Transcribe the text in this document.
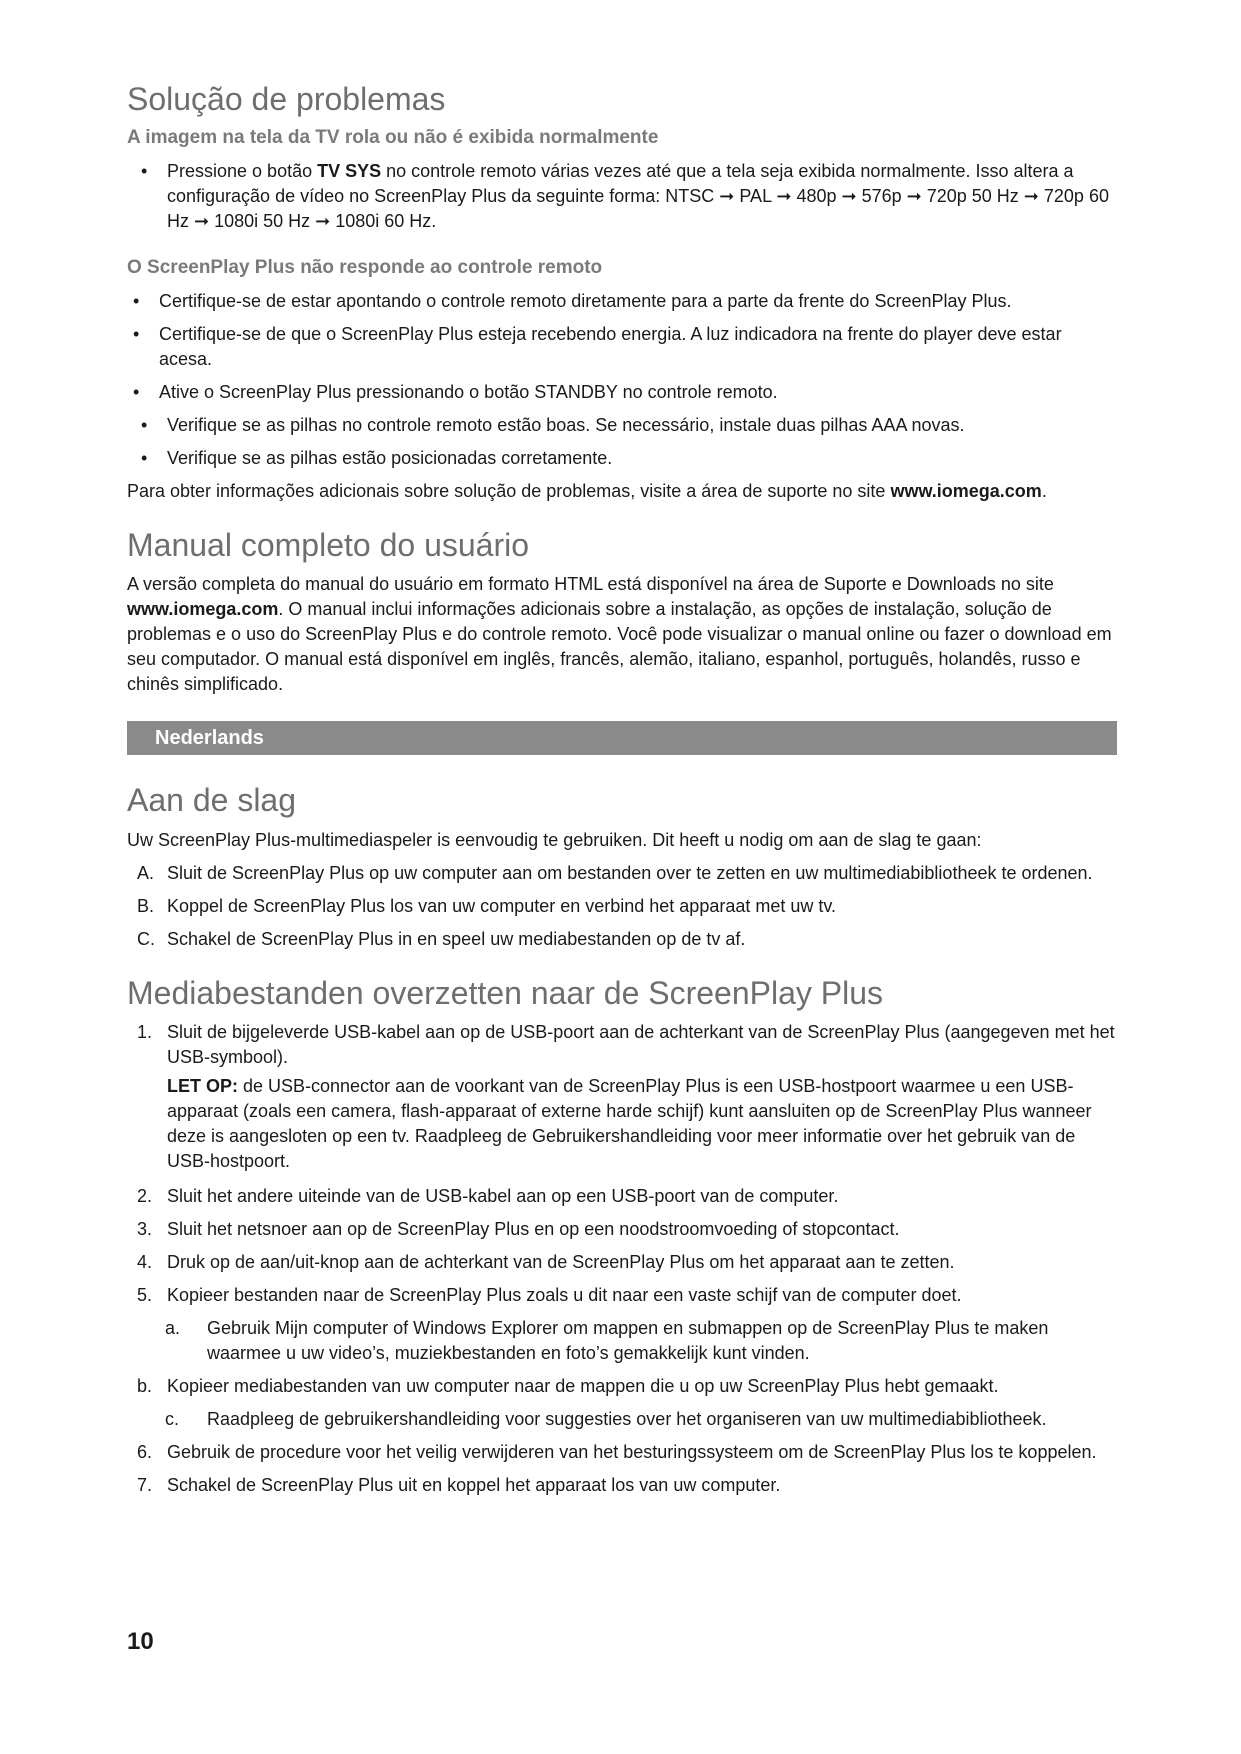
Solução de problemas
A imagem na tela da TV rola ou não é exibida normalmente
• Pressione o botão TV SYS no controle remoto várias vezes até que a tela seja exibida normalmente. Isso altera a configuração de vídeo no ScreenPlay Plus da seguinte forma: NTSC ➞ PAL ➞ 480p ➞ 576p ➞ 720p 50 Hz ➞ 720p 60 Hz ➞ 1080i 50 Hz ➞ 1080i 60 Hz.
O ScreenPlay Plus não responde ao controle remoto
• Certifique-se de estar apontando o controle remoto diretamente para a parte da frente do ScreenPlay Plus.
• Certifique-se de que o ScreenPlay Plus esteja recebendo energia. A luz indicadora na frente do player deve estar acesa.
• Ative o ScreenPlay Plus pressionando o botão STANDBY no controle remoto.
• Verifique se as pilhas no controle remoto estão boas. Se necessário, instale duas pilhas AAA novas.
• Verifique se as pilhas estão posicionadas corretamente.

Para obter informações adicionais sobre solução de problemas, visite a área de suporte no site www.iomega.com.

Manual completo do usuário

A versão completa do manual do usuário em formato HTML está disponível na área de Suporte e Downloads no site www.iomega.com. O manual inclui informações adicionais sobre a instalação, as opções de instalação, solução de problemas e o uso do ScreenPlay Plus e do controle remoto. Você pode visualizar o manual online ou fazer o download em seu computador. O manual está disponível em inglês, francês, alemão, italiano, espanhol, português, holandês, russo e chinês simplificado.

Nederlands
Aan de slag

Uw ScreenPlay Plus-multimediaspeler is eenvoudig te gebruiken. Dit heeft u nodig om aan de slag te gaan:

A. Sluit de ScreenPlay Plus op uw computer aan om bestanden over te zetten en uw multimediabibliotheek te ordenen.
B. Koppel de ScreenPlay Plus los van uw computer en verbind het apparaat met uw tv.
C. Schakel de ScreenPlay Plus in en speel uw mediabestanden op de tv af.
Mediabestanden overzetten naar de ScreenPlay Plus
1. Sluit de bijgeleverde USB-kabel aan op de USB-poort aan de achterkant van de ScreenPlay Plus (aangegeven met het USB-symbool).

LET OP: de USB-connector aan de voorkant van de ScreenPlay Plus is een USB-hostpoort waarmee u een USB-apparaat (zoals een camera, flash-apparaat of externe harde schijf) kunt aansluiten op de ScreenPlay Plus wanneer deze is aangesloten op een tv. Raadpleeg de Gebruikershandleiding voor meer informatie over het gebruik van de USB-hostpoort.

2. Sluit het andere uiteinde van de USB-kabel aan op een USB-poort van de computer.
3. Sluit het netsnoer aan op de ScreenPlay Plus en op een noodstroomvoeding of stopcontact.
4. Druk op de aan/uit-knop aan de achterkant van de ScreenPlay Plus om het apparaat aan te zetten.
5. Kopieer bestanden naar de ScreenPlay Plus zoals u dit naar een vaste schijf van de computer doet.
a. Gebruik Mijn computer of Windows Explorer om mappen en submappen op de ScreenPlay Plus te maken waarmee u uw video’s, muziekbestanden en foto’s gemakkelijk kunt vinden.
b. Kopieer mediabestanden van uw computer naar de mappen die u op uw ScreenPlay Plus hebt gemaakt.
c. Raadpleeg de gebruikershandleiding voor suggesties over het organiseren van uw multimediabibliotheek.
6. Gebruik de procedure voor het veilig verwijderen van het besturingssysteem om de ScreenPlay Plus los te koppelen.
7. Schakel de ScreenPlay Plus uit en koppel het apparaat los van uw computer.
10
